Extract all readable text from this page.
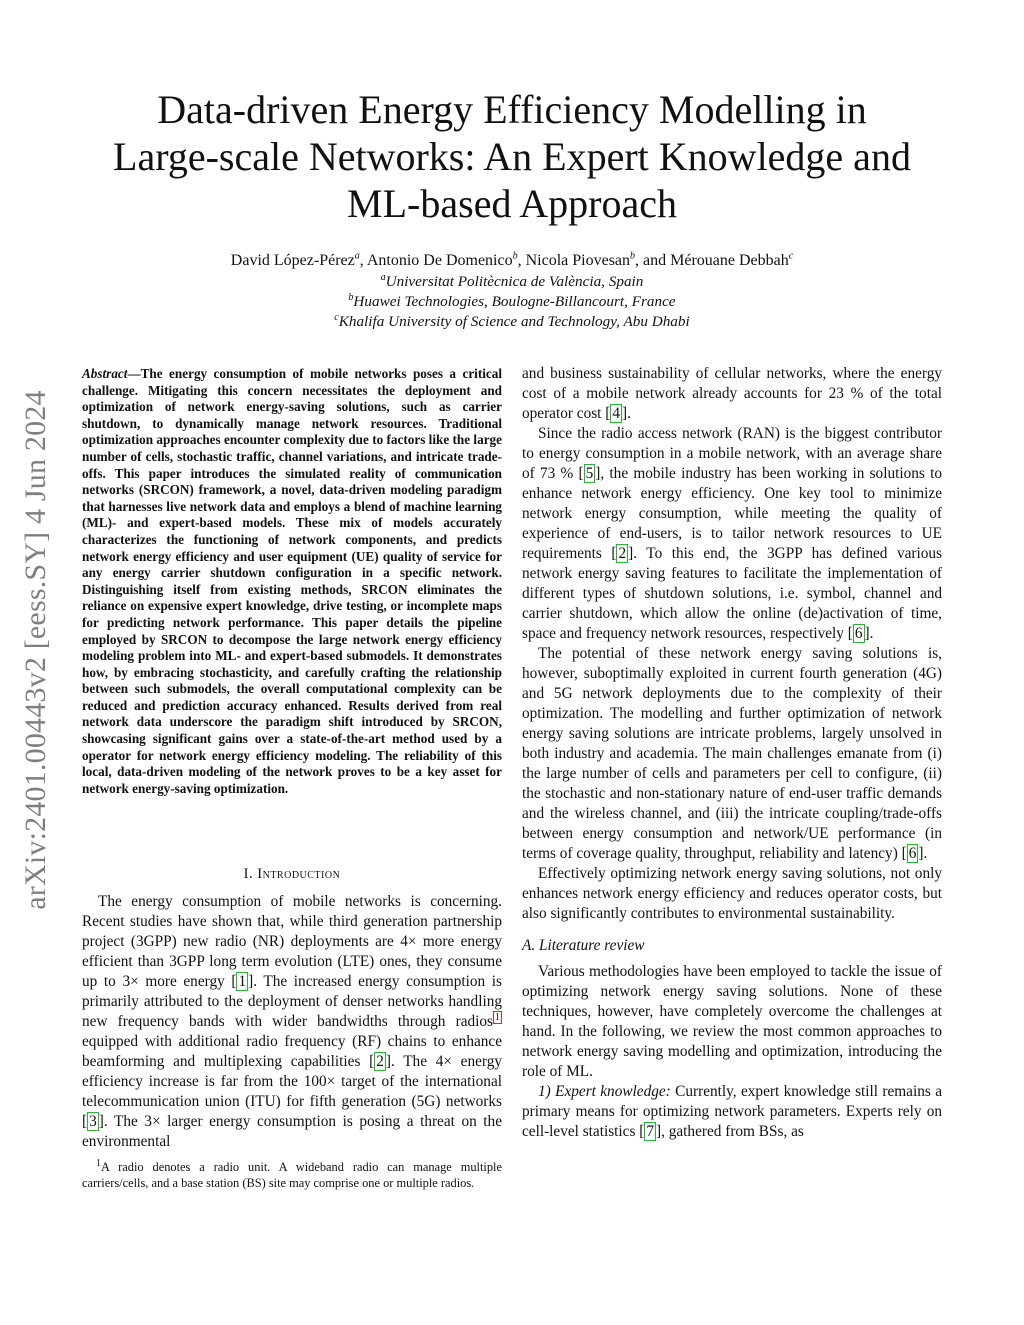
arXiv:2401.00443v2 [eess.SY] 4 Jun 2024
Data-driven Energy Efficiency Modelling in
Large-scale Networks: An Expert Knowledge and
ML-based Approach
David López-Pérez$^a$, Antonio De Domenico$^b$, Nicola Piovesan$^b$, and Mérouane Debbah$^c$
$^a$Universitat Politècnica de València, Spain
$^b$Huawei Technologies, Boulogne-Billancourt, France
$^c$Khalifa University of Science and Technology, Abu Dhabi
Abstract—The energy consumption of mobile networks poses a critical challenge. Mitigating this concern necessitates the deployment and optimization of network energy-saving solutions, such as carrier shutdown, to dynamically manage network resources. Traditional optimization approaches encounter complexity due to factors like the large number of cells, stochastic traffic, channel variations, and intricate trade-offs. This paper introduces the simulated reality of communication networks (SRCON) framework, a novel, data-driven modeling paradigm that harnesses live network data and employs a blend of machine learning (ML)- and expert-based models. These mix of models accurately characterizes the functioning of network components, and predicts network energy efficiency and user equipment (UE) quality of service for any energy carrier shutdown configuration in a specific network. Distinguishing itself from existing methods, SRCON eliminates the reliance on expensive expert knowledge, drive testing, or incomplete maps for predicting network performance. This paper details the pipeline employed by SRCON to decompose the large network energy efficiency modeling problem into ML- and expert-based submodels. It demonstrates how, by embracing stochasticity, and carefully crafting the relationship between such submodels, the overall computational complexity can be reduced and prediction accuracy enhanced. Results derived from real network data underscore the paradigm shift introduced by SRCON, showcasing significant gains over a state-of-the-art method used by a operator for network energy efficiency modeling. The reliability of this local, data-driven modeling of the network proves to be a key asset for network energy-saving optimization.
I. Introduction

The energy consumption of mobile networks is concerning. Recent studies have shown that, while third generation partnership project (3GPP) new radio (NR) deployments are 4× more energy efficient than 3GPP long term evolution (LTE) ones, they consume up to 3× more energy [ 1 ]. The increased energy consumption is primarily attributed to the deployment of denser networks handling new frequency bands with wider bandwidths through radios $^1$ equipped with additional radio frequency (RF) chains to enhance beamforming and multiplexing capabilities [ 2 ]. The 4× energy efficiency increase is far from the 100× target of the international telecommunication union (ITU) for fifth generation (5G) networks [ 3 ]. The 3× larger energy consumption is posing a threat on the environmental

$^1$A radio denotes a radio unit. A wideband radio can manage multiple carriers/cells, and a base station (BS) site may comprise one or multiple radios.

and business sustainability of cellular networks, where the energy cost of a mobile network already accounts for 23 % of the total operator cost [ 4 ].

Since the radio access network (RAN) is the biggest contributor to energy consumption in a mobile network, with an average share of 73 % [ 5 ], the mobile industry has been working in solutions to enhance network energy efficiency. One key tool to minimize network energy consumption, while meeting the quality of experience of end-users, is to tailor network resources to UE requirements [ 2 ]. To this end, the 3GPP has defined various network energy saving features to facilitate the implementation of different types of shutdown solutions, i.e. symbol, channel and carrier shutdown, which allow the online (de)activation of time, space and frequency network resources, respectively [ 6 ].

The potential of these network energy saving solutions is, however, suboptimally exploited in current fourth generation (4G) and 5G network deployments due to the complexity of their optimization. The modelling and further optimization of network energy saving solutions are intricate problems, largely unsolved in both industry and academia. The main challenges emanate from (i) the large number of cells and parameters per cell to configure, (ii) the stochastic and non-stationary nature of end-user traffic demands and the wireless channel, and (iii) the intricate coupling/trade-offs between energy consumption and network/UE performance (in terms of coverage quality, throughput, reliability and latency) [ 6 ].

Effectively optimizing network energy saving solutions, not only enhances network energy efficiency and reduces operator costs, but also significantly contributes to environmental sustainability.

A. Literature review

Various methodologies have been employed to tackle the issue of optimizing network energy saving solutions. None of these techniques, however, have completely overcome the challenges at hand. In the following, we review the most common approaches to network energy saving modelling and optimization, introducing the role of ML.

1) Expert knowledge: Currently, expert knowledge still remains a primary means for optimizing network parameters. Experts rely on cell-level statistics [ 7 ], gathered from BSs, as
